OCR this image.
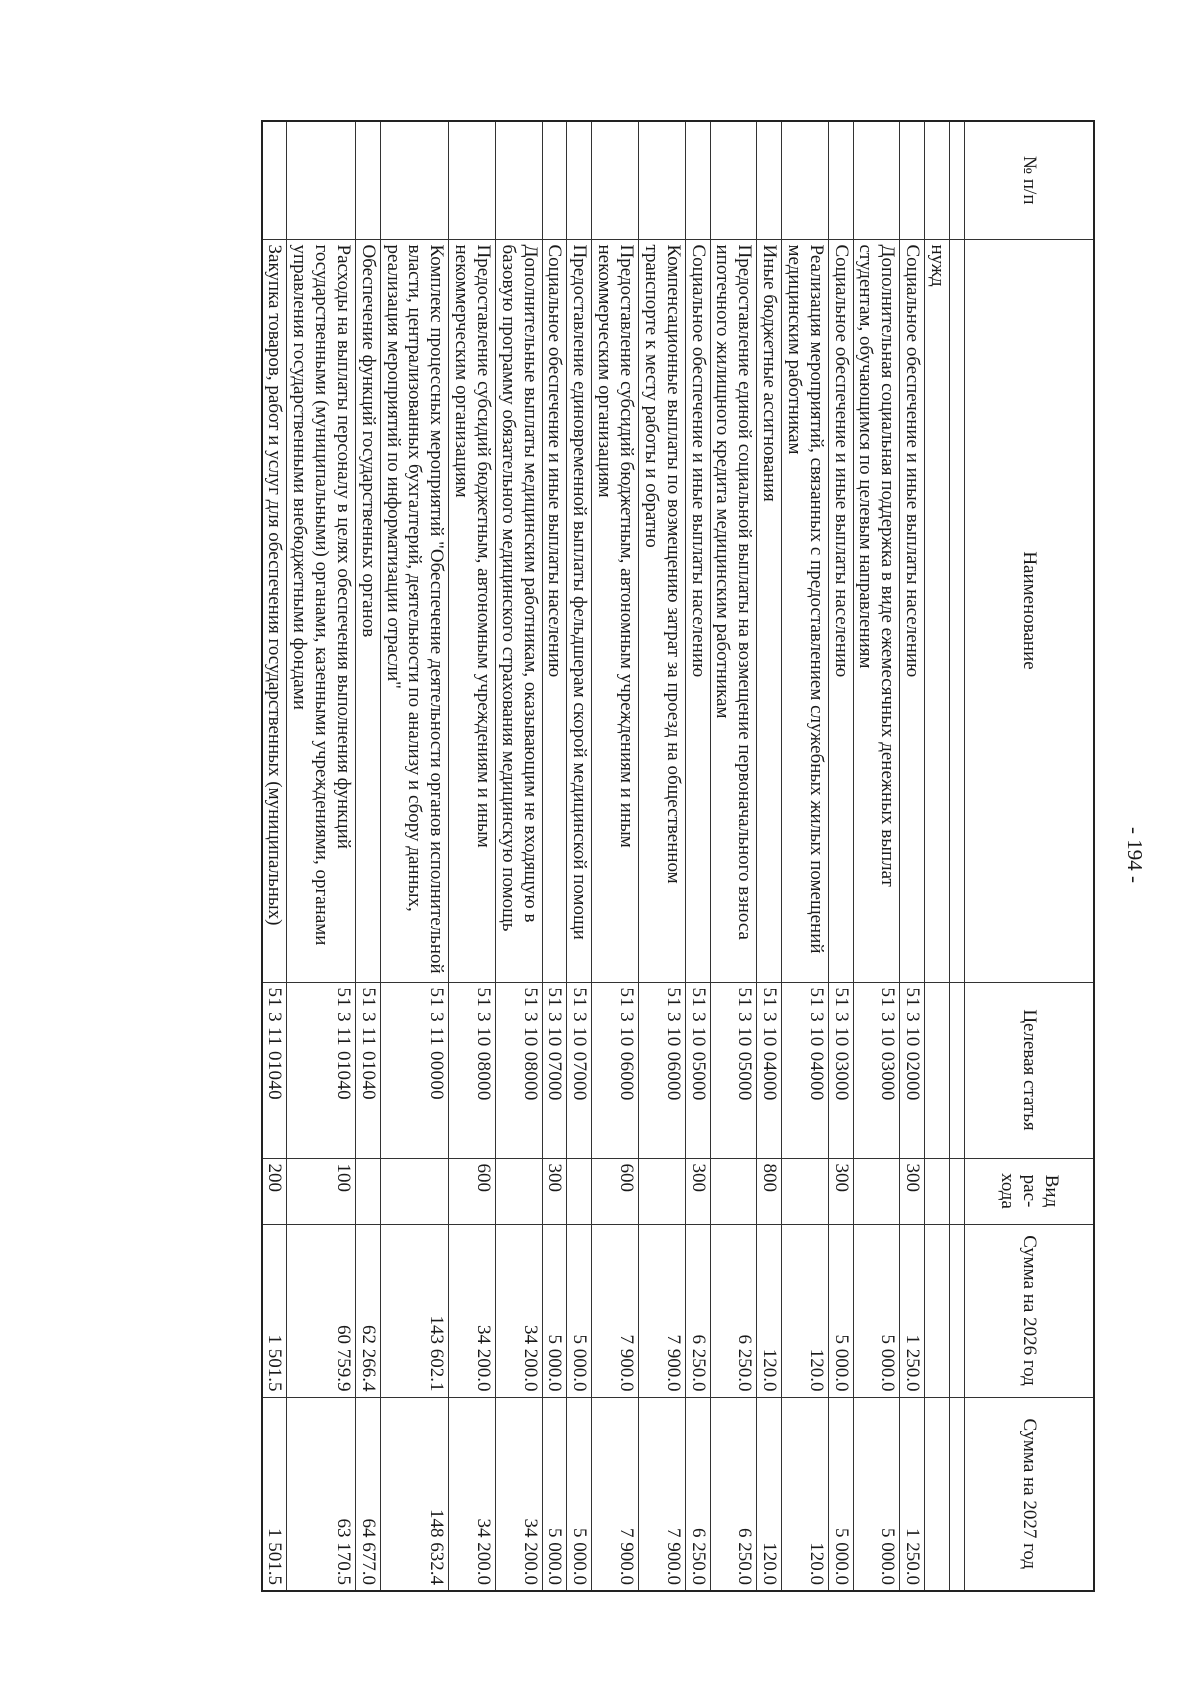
- 194 -
№ п/п	Наименование	Целевая статья	Вид рас-хода	Сумма на 2026 год	Сумма на 2027 год

	нужд				
	Социальное обеспечение и иные выплаты населению	51 3 10 02000	300	1 250.0	1 250.0
	Дополнительная социальная поддержка в виде ежемесячных денежных выплат студентам, обучающимся по целевым направлениям	51 3 10 03000		5 000.0	5 000.0
	Социальное обеспечение и иные выплаты населению	51 3 10 03000	300	5 000.0	5 000.0
	Реализация мероприятий, связанных с предоставлением служебных жилых помещений медицинским работникам	51 3 10 04000		120.0	120.0
	Иные бюджетные ассигнования	51 3 10 04000	800	120.0	120.0
	Предоставление единой социальной выплаты на возмещение первоначального взноса ипотечного жилищного кредита медицинским работникам	51 3 10 05000		6 250.0	6 250.0
	Социальное обеспечение и иные выплаты населению	51 3 10 05000	300	6 250.0	6 250.0
	Компенсационные выплаты по возмещению затрат за проезд на общественном транспорте к месту работы и обратно	51 3 10 06000		7 900.0	7 900.0
	Предоставление субсидий бюджетным, автономным учреждениям и иным некоммерческим организациям	51 3 10 06000	600	7 900.0	7 900.0
	Предоставление единовременной выплаты фельдшерам скорой медицинской помощи	51 3 10 07000		5 000.0	5 000.0
	Социальное обеспечение и иные выплаты населению	51 3 10 07000	300	5 000.0	5 000.0
	Дополнительные выплаты медицинским работникам, оказывающим не входящую в базовую программу обязательного медицинского страхования медицинскую помощь	51 3 10 08000		34 200.0	34 200.0
	Предоставление субсидий бюджетным, автономным учреждениям и иным некоммерческим организациям	51 3 10 08000	600	34 200.0	34 200.0
	Комплекс процессных мероприятий "Обеспечение деятельности органов исполнительной власти, централизованных бухгалтерий, деятельности по анализу и сбору данных, реализация мероприятий по информатизации отрасли"	51 3 11 00000		143 602.1	148 632.4
	Обеспечение функций государственных органов	51 3 11 01040		62 266.4	64 677.0
	Расходы на выплаты персоналу в целях обеспечения выполнения функций государственными (муниципальными) органами, казенными учреждениями, органами управления государственными внебюджетными фондами	51 3 11 01040	100	60 759.9	63 170.5
	Закупка товаров, работ и услуг для обеспечения государственных (муниципальных)	51 3 11 01040	200	1 501.5	1 501.5
